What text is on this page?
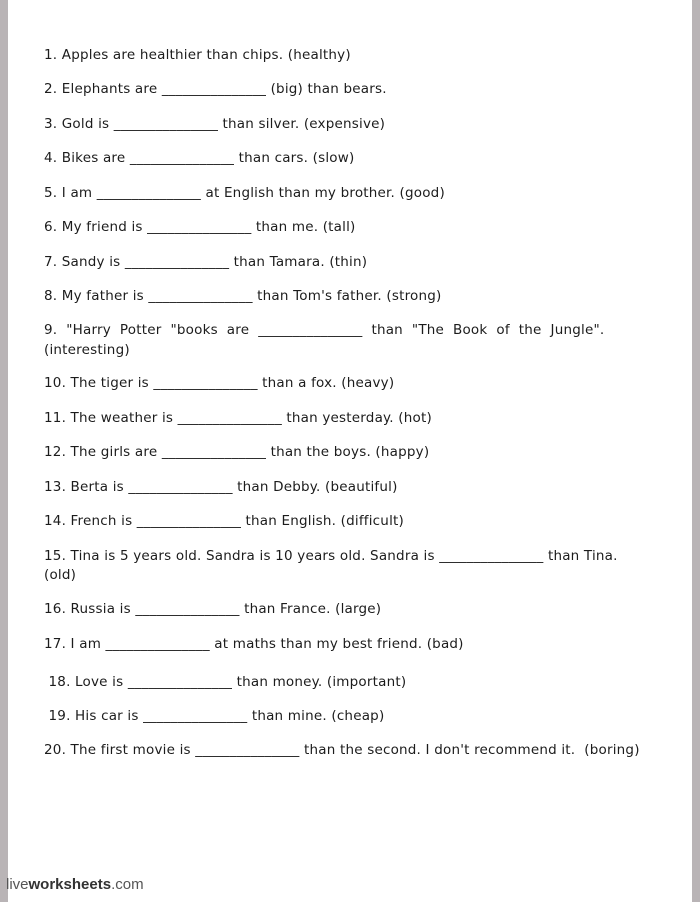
1. Apples are healthier than chips. (healthy)
2. Elephants are _______________ (big) than bears.
3. Gold is _______________ than silver. (expensive)
4. Bikes are _______________ than cars. (slow)
5. I am _______________ at English than my brother. (good)
6. My friend is _______________ than me. (tall)
7. Sandy is _______________ than Tamara. (thin)
8. My father is _______________ than Tom's father. (strong)
9.  "Harry  Potter  "books  are  _______________  than  "The  Book  of  the  Jungle".
(interesting)
10. The tiger is _______________ than a fox. (heavy)
11. The weather is _______________ than yesterday. (hot)
12. The girls are _______________ than the boys. (happy)
13. Berta is _______________ than Debby. (beautiful)
14. French is _______________ than English. (difficult)
15. Tina is 5 years old. Sandra is 10 years old. Sandra is _______________ than Tina.
(old)
16. Russia is _______________ than France. (large)
17. I am _______________ at maths than my best friend. (bad)
18. Love is _______________ than money. (important)
19. His car is _______________ than mine. (cheap)
20. The first movie is _______________ than the second. I don't recommend it.  (boring)
liveworksheets.com
